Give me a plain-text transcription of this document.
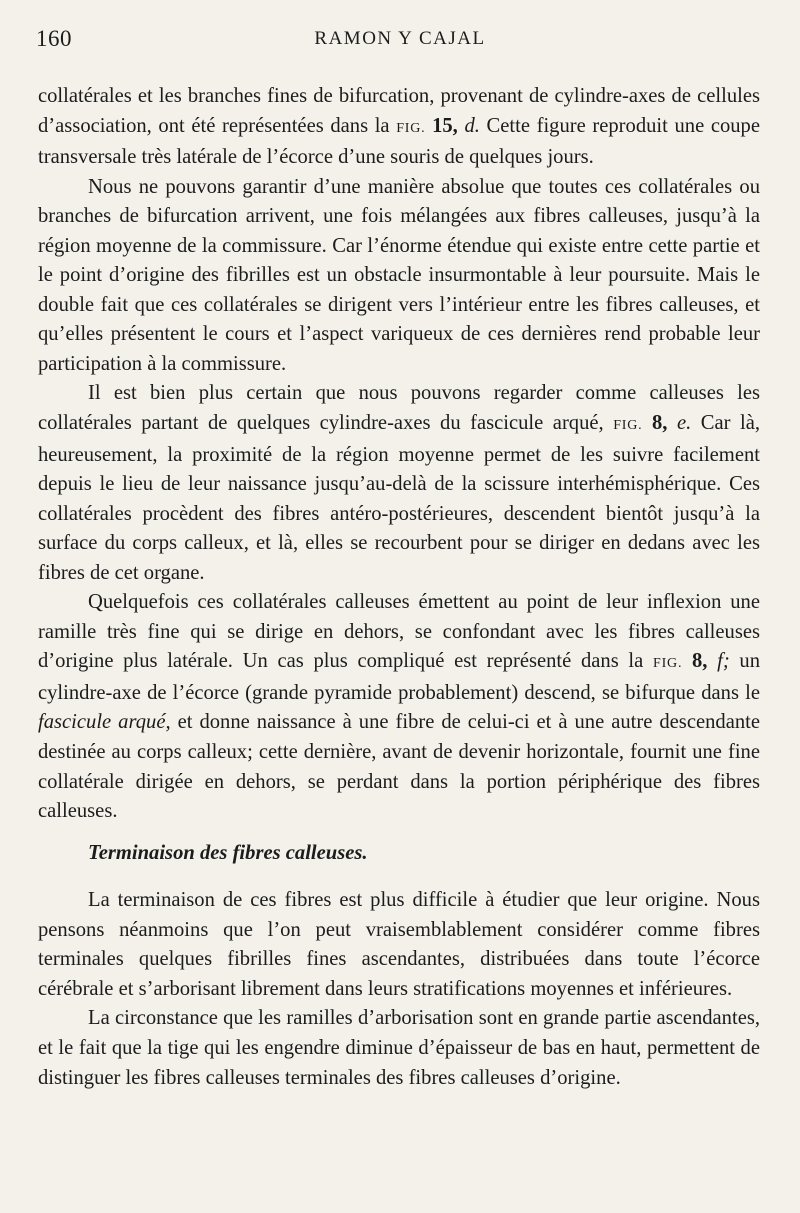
160	RAMON Y CAJAL

collatérales et les branches fines de bifurcation, provenant de cylindre-axes de cellules d’association, ont été représentées dans la FIG. 15, d. Cette figure reproduit une coupe transversale très latérale de l’écorce d’une souris de quelques jours.

Nous ne pouvons garantir d’une manière absolue que toutes ces collatérales ou branches de bifurcation arrivent, une fois mélangées aux fibres calleuses, jusqu’à la région moyenne de la commissure. Car l’énorme étendue qui existe entre cette partie et le point d’origine des fibrilles est un obstacle insurmontable à leur poursuite. Mais le double fait que ces collatérales se dirigent vers l’intérieur entre les fibres calleuses, et qu’elles présentent le cours et l’aspect variqueux de ces dernières rend probable leur participation à la commissure.

Il est bien plus certain que nous pouvons regarder comme calleuses les collatérales partant de quelques cylindre-axes du fascicule arqué, FIG. 8, e. Car là, heureusement, la proximité de la région moyenne permet de les suivre facilement depuis le lieu de leur naissance jusqu’au-delà de la scissure interhémisphérique. Ces collatérales procèdent des fibres antéro-postérieures, descendent bientôt jusqu’à la surface du corps calleux, et là, elles se recourbent pour se diriger en dedans avec les fibres de cet organe.

Quelquefois ces collatérales calleuses émettent au point de leur inflexion une ramille très fine qui se dirige en dehors, se confondant avec les fibres calleuses d’origine plus latérale. Un cas plus compliqué est représenté dans la FIG. 8, f; un cylindre-axe de l’écorce (grande pyramide probablement) descend, se bifurque dans le fascicule arqué, et donne naissance à une fibre de celui-ci et à une autre descendante destinée au corps calleux; cette dernière, avant de devenir horizontale, fournit une fine collatérale dirigée en dehors, se perdant dans la portion périphérique des fibres calleuses.

Terminaison des fibres calleuses.

La terminaison de ces fibres est plus difficile à étudier que leur origine. Nous pensons néanmoins que l’on peut vraisemblablement considérer comme fibres terminales quelques fibrilles fines ascendantes, distribuées dans toute l’écorce cérébrale et s’arborisant librement dans leurs stratifications moyennes et inférieures.

La circonstance que les ramilles d’arborisation sont en grande partie ascendantes, et le fait que la tige qui les engendre diminue d’épaisseur de bas en haut, permettent de distinguer les fibres calleuses terminales des fibres calleuses d’origine.
